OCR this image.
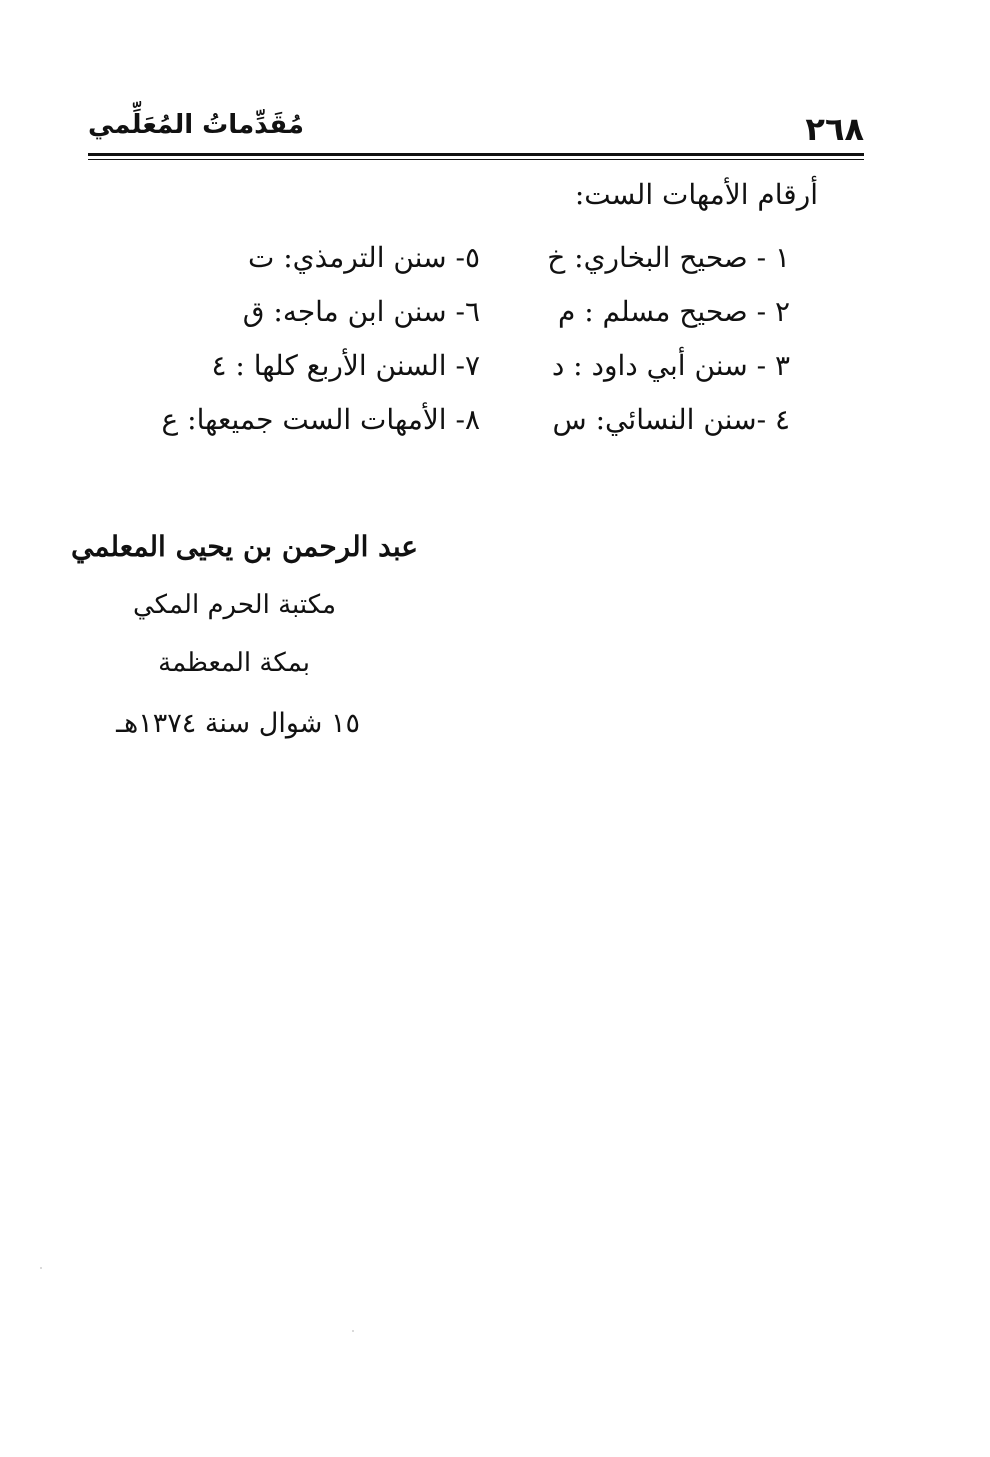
٢٦٨
مُقَدِّماتُ المُعَلِّمي
أرقام الأمهات الست:
١ - صحيح البخاري: خ
٢ - صحيح مسلم : م
٣ - سنن أبي داود : د
٤ -سنن النسائي: س
٥- سنن الترمذي: ت
٦- سنن ابن ماجه: ق
٧- السنن الأربع كلها : ٤
٨- الأمهات الست جميعها: ع
عبد الرحمن بن يحيى المعلمي
مكتبة الحرم المكي
بمكة المعظمة
١٥ شوال سنة ١٣٧٤هـ
